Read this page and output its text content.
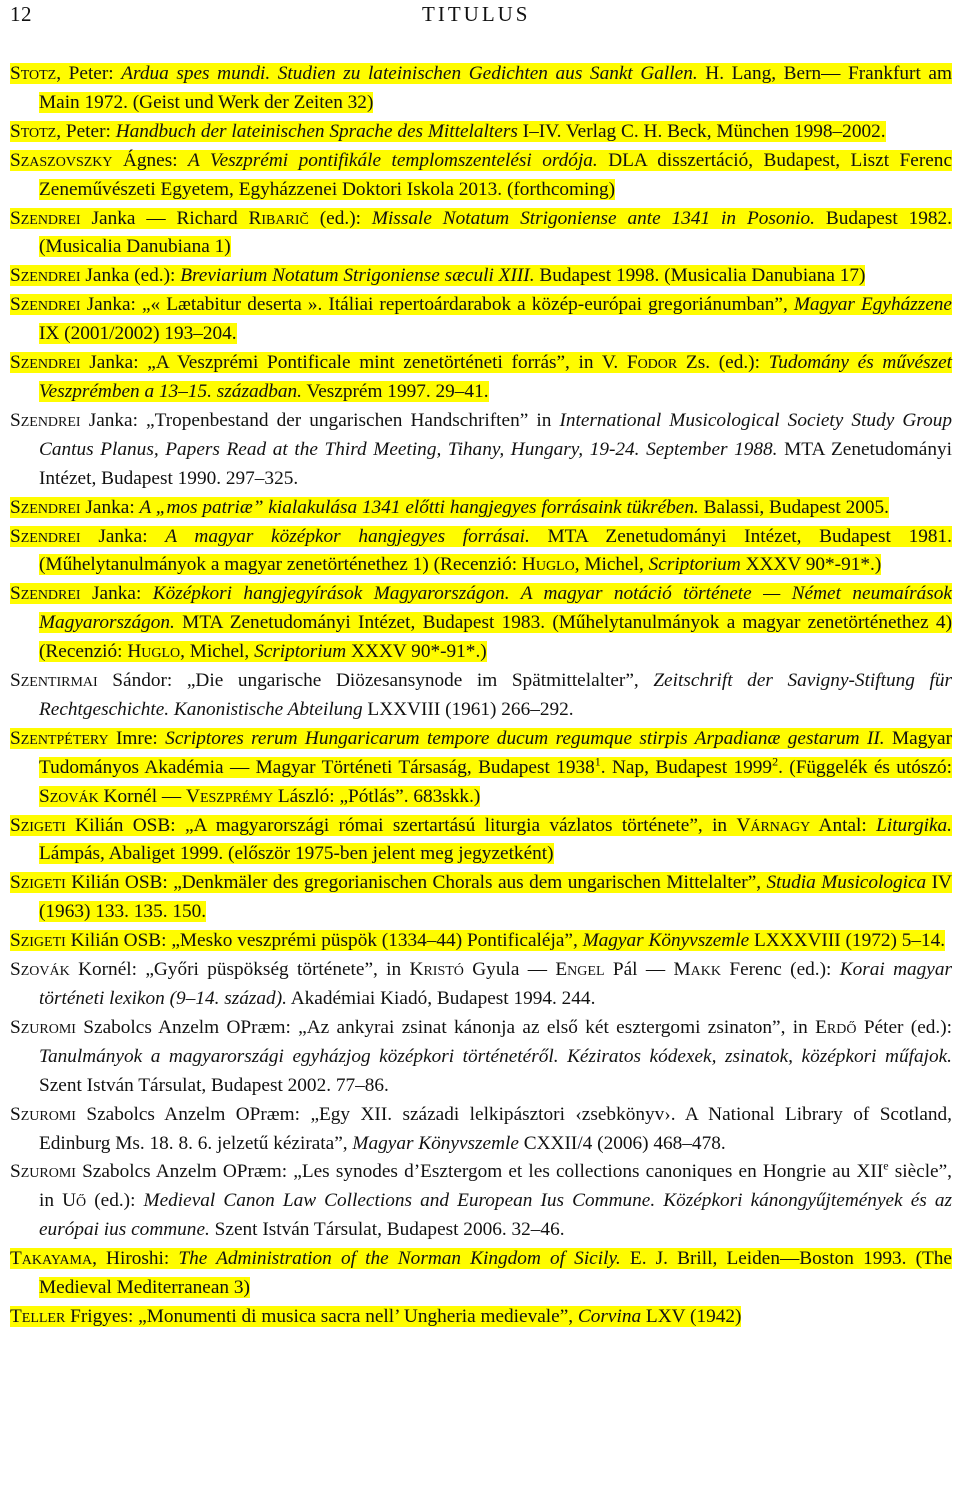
12	TITULUS
Stotz, Peter: Ardua spes mundi. Studien zu lateinischen Gedichten aus Sankt Gallen. H. Lang, Bern— Frankfurt am Main 1972. (Geist und Werk der Zeiten 32)
Stotz, Peter: Handbuch der lateinischen Sprache des Mittelalters I–IV. Verlag C. H. Beck, München 1998–2002.
Szaszovszky Ágnes: A Veszprémi pontifikále templomszentelési ordója. DLA disszertáció, Budapest, Liszt Ferenc Zeneművészeti Egyetem, Egyházzenei Doktori Iskola 2013. (forthcoming)
Szendrei Janka — Richard Ribarič (ed.): Missale Notatum Strigoniense ante 1341 in Posonio. Budapest 1982. (Musicalia Danubiana 1)
Szendrei Janka (ed.): Breviarium Notatum Strigoniense sæculi XIII. Budapest 1998. (Musicalia Danubiana 17)
Szendrei Janka: „« Lætabitur deserta ». Itáliai repertoárdarabok a közép-európai gregoriánumban”, Magyar Egyházzene IX (2001/2002) 193–204.
Szendrei Janka: „A Veszprémi Pontificale mint zenetörténeti forrás”, in V. Fodor Zs. (ed.): Tudomány és művészet Veszprémben a 13–15. században. Veszprém 1997. 29–41.
Szendrei Janka: „Tropenbestand der ungarischen Handschriften” in International Musicological Society Study Group Cantus Planus, Papers Read at the Third Meeting, Tihany, Hungary, 19-24. September 1988. MTA Zenetudományi Intézet, Budapest 1990. 297–325.
Szendrei Janka: A „mos patriæ” kialakulása 1341 előtti hangjegyes forrásaink tükrében. Balassi, Budapest 2005.
Szendrei Janka: A magyar középkor hangjegyes forrásai. MTA Zenetudományi Intézet, Budapest 1981. (Műhelytanulmányok a magyar zenetörténethez 1) (Recenzió: Huglo, Michel, Scriptorium XXXV 90*-91*.)
Szendrei Janka: Középkori hangjegyírások Magyarországon. A magyar notáció története — Német neumaírások Magyarországon. MTA Zenetudományi Intézet, Budapest 1983. (Műhelytanulmányok a magyar zenetörténethez 4) (Recenzió: Huglo, Michel, Scriptorium XXXV 90*-91*.)
Szentirmai Sándor: „Die ungarische Diözesansynode im Spätmittelalter”, Zeitschrift der Savigny-Stiftung für Rechtgeschichte. Kanonistische Abteilung LXXVIII (1961) 266–292.
Szentpétery Imre: Scriptores rerum Hungaricarum tempore ducum regumque stirpis Arpadianæ gestarum II. Magyar Tudományos Akadémia — Magyar Történeti Társaság, Budapest 1938$^1$. Nap, Budapest 1999$^2$. (Függelék és utószó: Szovák Kornél — Veszprémy László: „Pótlás”. 683skk.)
Szigeti Kilián OSB: „A magyarországi római szertartású liturgia vázlatos története”, in Várnagy Antal: Liturgika. Lámpás, Abaliget 1999. (először 1975-ben jelent meg jegyzetként)
Szigeti Kilián OSB: „Denkmäler des gregorianischen Chorals aus dem ungarischen Mittelalter”, Studia Musicologica IV (1963) 133. 135. 150.
Szigeti Kilián OSB: „Mesko veszprémi püspök (1334–44) Pontificaléja”, Magyar Könyvszemle LXXXVIII (1972) 5–14.
Szovák Kornél: „Győri püspökség története”, in Kristó Gyula — Engel Pál — Makk Ferenc (ed.): Korai magyar történeti lexikon (9–14. század). Akadémiai Kiadó, Budapest 1994. 244.
Szuromi Szabolcs Anzelm OPræm: „Az ankyrai zsinat kánonja az első két esztergomi zsinaton”, in Erdő Péter (ed.): Tanulmányok a magyarországi egyházjog középkori történetéről. Kéziratos kódexek, zsinatok, középkori műfajok. Szent István Társulat, Budapest 2002. 77–86.
Szuromi Szabolcs Anzelm OPræm: „Egy XII. századi lelkipásztori ‹zsebkönyv›. A National Library of Scotland, Edinburg Ms. 18. 8. 6. jelzetű kézirata”, Magyar Könyvszemle CXXII/4 (2006) 468–478.
Szuromi Szabolcs Anzelm OPræm: „Les synodes d’Esztergom et les collections canoniques en Hongrie au XIIe siècle”, in Uő (ed.): Medieval Canon Law Collections and European Ius Commune. Középkori kánongyűjtemények és az európai ius commune. Szent István Társulat, Budapest 2006. 32–46.
Takayama, Hiroshi: The Administration of the Norman Kingdom of Sicily. E. J. Brill, Leiden—Boston 1993. (The Medieval Mediterranean 3)
Teller Frigyes: „Monumenti di musica sacra nell’ Ungheria medievale”, Corvina LXV (1942)
